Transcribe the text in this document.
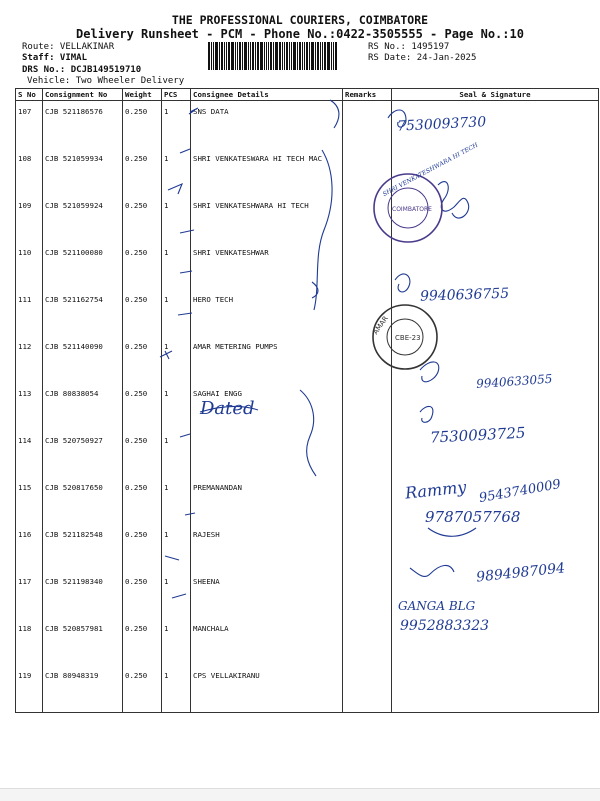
THE PROFESSIONAL COURIERS, COIMBATORE
Delivery Runsheet - PCM - Phone No.:0422-3505555 - Page No.:10
Route: VELLAKINAR
Staff: VIMAL
DRS No.: DCJB149519710
Vehicle: Two Wheeler Delivery
RS No.: 1495197
RS Date: 24-Jan-2025
S No	Consignment No	Weight	PCS	Consignee Details	Remarks	Seal & Signature
107	CJB 521186576	0.250	1	SNS DATA		
108	CJB 521059934	0.250	1	SHRI VENKATESWARA HI TECH MAC		
109	CJB 521059924	0.250	1	SHRI VENKATESHWARA HI TECH		
110	CJB 521100080	0.250	1	SHRI VENKATESHWAR		
111	CJB 521162754	0.250	1	HERO TECH		
112	CJB 521140090	0.250	1	AMAR METERING PUMPS		
113	CJB 80838054	0.250	1	SAGHAI ENGG		
114	CJB 520750927	0.250	1			
115	CJB 520817650	0.250	1	PREMANANDAN		
116	CJB 521182548	0.250	1	RAJESH		
117	CJB 521198340	0.250	1	SHEENA		
118	CJB 520857981	0.250	1	MANCHALA		
119	CJB 80948319	0.250	1	CPS VELLAKIRANU		
SHRI VENKATESHWARA HI TECH
COIMBATORE
AMAR
CBE-23
7530093730
9940636755
9940633055
Dated
7530093725
Rammy 9543740009
9787057768
9894987094
GANGA BLG
9952883323
